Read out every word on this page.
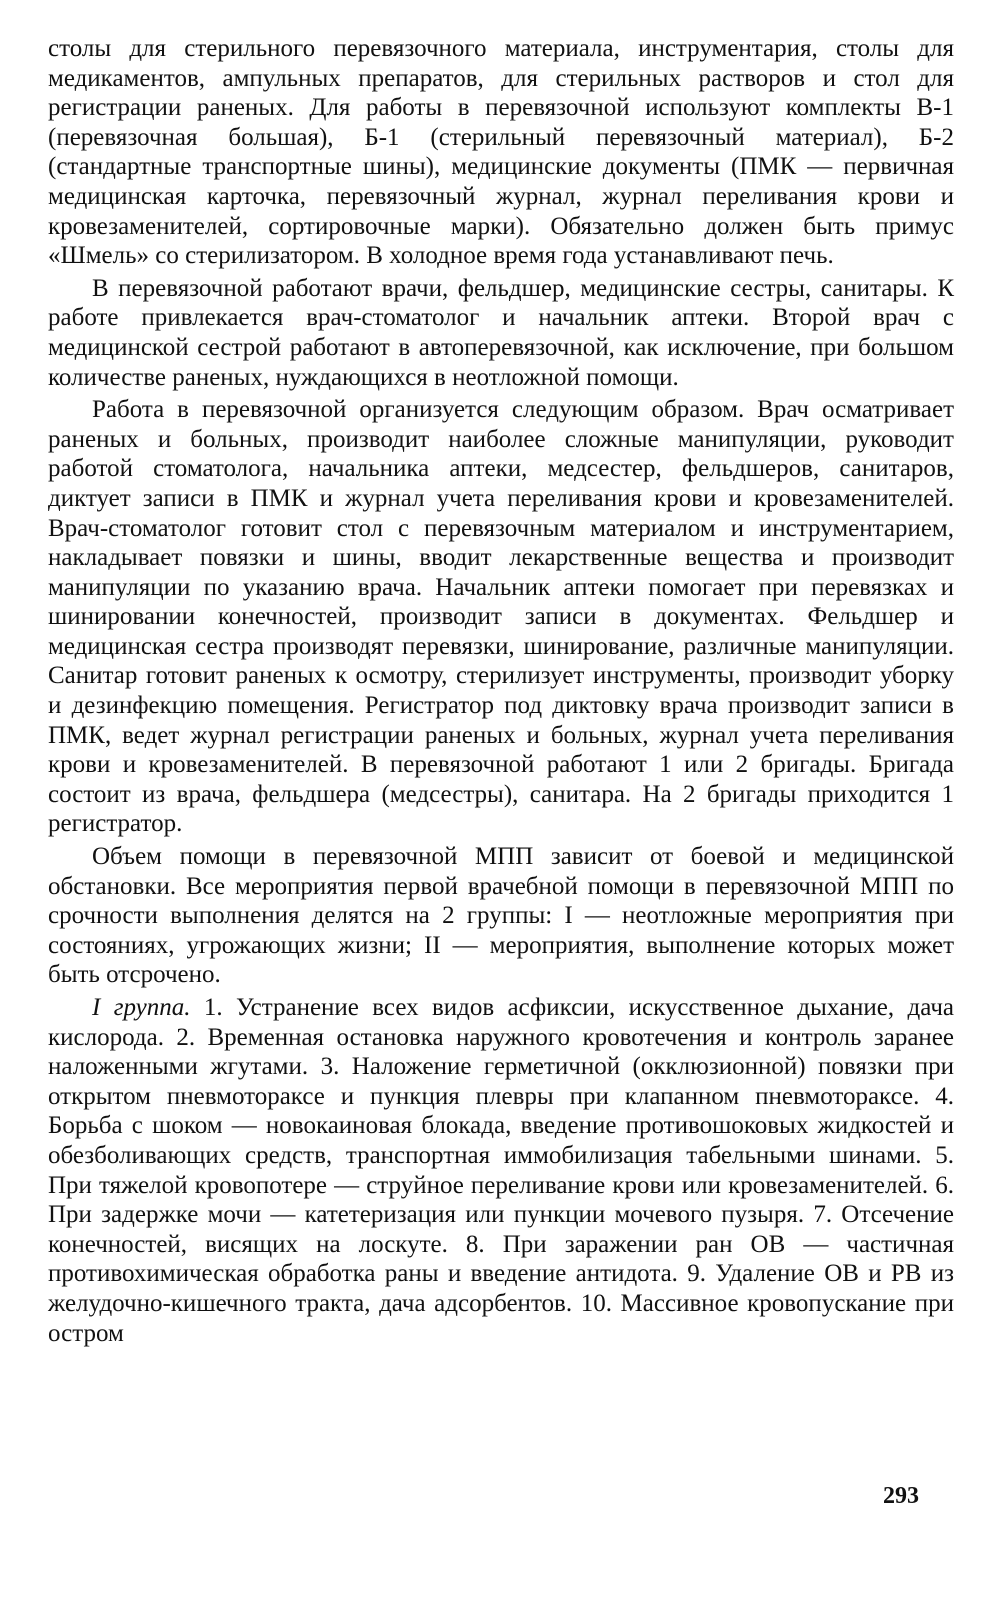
столы для стерильного перевязочного материала, инструментария, столы для медикаментов, ампульных препаратов, для стерильных растворов и стол для регистрации раненых. Для работы в перевязочной используют комплекты В-1 (перевязочная большая), Б-1 (стерильный перевязочный материал), Б-2 (стандартные транспортные шины), медицинские документы (ПМК — первичная медицинская карточка, перевязочный журнал, журнал переливания крови и кровезаменителей, сортировочные марки). Обязательно должен быть примус «Шмель» со стерилизатором. В холодное время года устанавливают печь.

В перевязочной работают врачи, фельдшер, медицинские сестры, санитары. К работе привлекается врач-стоматолог и начальник аптеки. Второй врач с медицинской сестрой работают в автоперевязочной, как исключение, при большом количестве раненых, нуждающихся в неотложной помощи.

Работа в перевязочной организуется следующим образом. Врач осматривает раненых и больных, производит наиболее сложные манипуляции, руководит работой стоматолога, начальника аптеки, медсестер, фельдшеров, санитаров, диктует записи в ПМК и журнал учета переливания крови и кровезаменителей. Врач-стоматолог готовит стол с перевязочным материалом и инструментарием, накладывает повязки и шины, вводит лекарственные вещества и производит манипуляции по указанию врача. Начальник аптеки помогает при перевязках и шинировании конечностей, производит записи в документах. Фельдшер и медицинская сестра производят перевязки, шинирование, различные манипуляции. Санитар готовит раненых к осмотру, стерилизует инструменты, производит уборку и дезинфекцию помещения. Регистратор под диктовку врача производит записи в ПМК, ведет журнал регистрации раненых и больных, журнал учета переливания крови и кровезаменителей. В перевязочной работают 1 или 2 бригады. Бригада состоит из врача, фельдшера (медсестры), санитара. На 2 бригады приходится 1 регистратор.

Объем помощи в перевязочной МПП зависит от боевой и медицинской обстановки. Все мероприятия первой врачебной помощи в перевязочной МПП по срочности выполнения делятся на 2 группы: I — неотложные мероприятия при состояниях, угрожающих жизни; II — мероприятия, выполнение которых может быть отсрочено.

I группа. 1. Устранение всех видов асфиксии, искусственное дыхание, дача кислорода. 2. Временная остановка наружного кровотечения и контроль заранее наложенными жгутами. 3. Наложение герметичной (окклюзионной) повязки при открытом пневмотораксе и пункция плевры при клапанном пневмотораксе. 4. Борьба с шоком — новокаиновая блокада, введение противошоковых жидкостей и обезболивающих средств, транспортная иммобилизация табельными шинами. 5. При тяжелой кровопотере — струйное переливание крови или кровезаменителей. 6. При задержке мочи — катетеризация или пункции мочевого пузыря. 7. Отсечение конечностей, висящих на лоскуте. 8. При заражении ран ОВ — частичная противохимическая обработка раны и введение антидота. 9. Удаление ОВ и РВ из желудочно-кишечного тракта, дача адсорбентов. 10. Массивное кровопускание при остром

293
